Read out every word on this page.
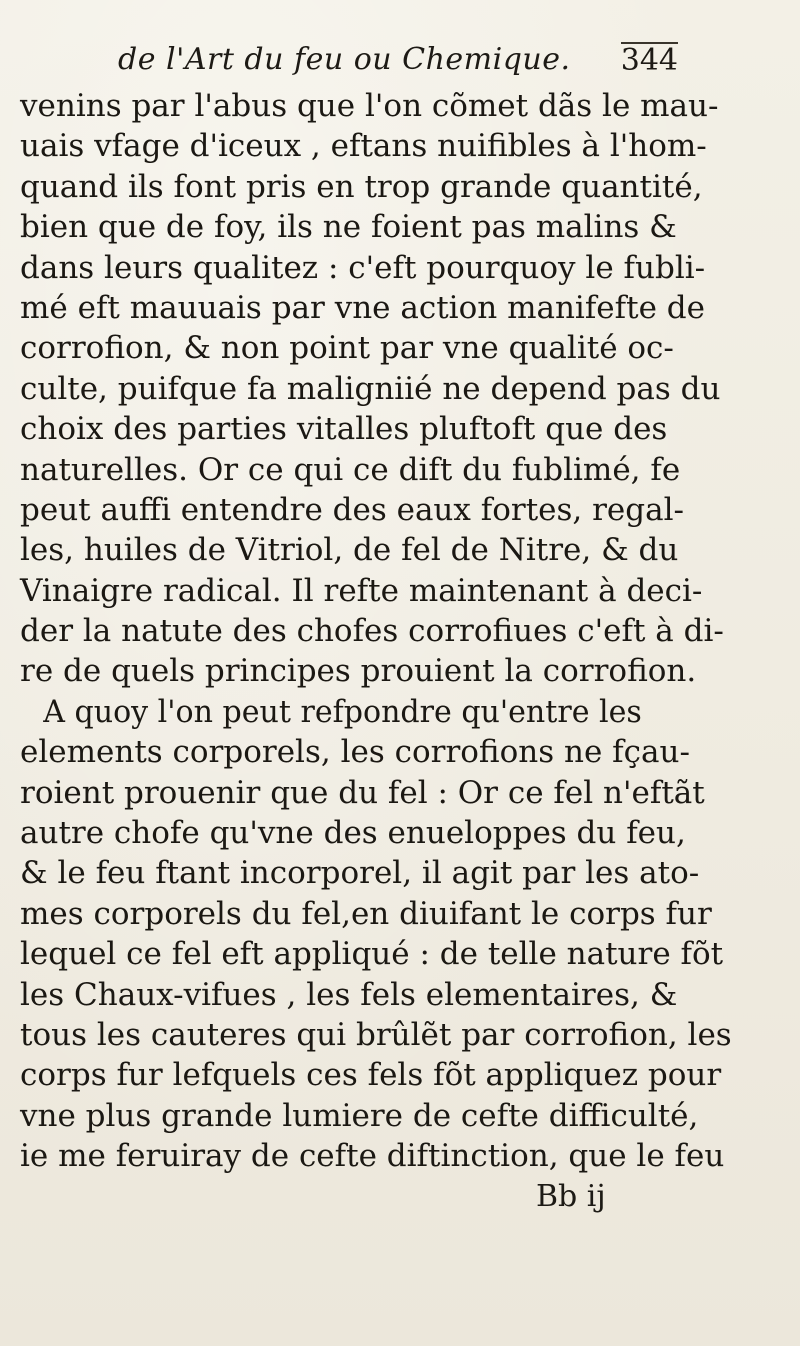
de l'Art du feu ou Chemique. 344
venins par l'abus que l'on cõmet dãs le mau-
uais vfage d'iceux , eftans nuifibles à l'hom-
quand ils font pris en trop grande quantité,
bien que de foy, ils ne foient pas malins &
dans leurs qualitez : c'eft pourquoy le fubli-
mé eft mauuais par vne action manifefte de
corrofion, & non point par vne qualité oc-
culte, puifque fa maligniié ne depend pas du
choix des parties vitalles pluftoft que des
naturelles. Or ce qui ce dift du fublimé, fe
peut auffi entendre des eaux fortes, regal-
les, huiles de Vitriol, de fel de Nitre, & du
Vinaigre radical. Il refte maintenant à deci-
der la natute des chofes corrofiues c'eft à di-
re de quels principes prouient la corrofion.
A quoy l'on peut refpondre qu'entre les
elements corporels, les corrofions ne fçau-
roient prouenir que du fel : Or ce fel n'eftãt
autre chofe qu'vne des enueloppes du feu,
& le feu ftant incorporel, il agit par les ato-
mes corporels du fel,en diuifant le corps fur
lequel ce fel eft appliqué : de telle nature fõt
les Chaux-vifues , les fels elementaires, &
tous les cauteres qui brûlẽt par corrofion, les
corps fur lefquels ces fels fõt appliquez pour
vne plus grande lumiere de cefte difficulté,
ie me feruiray de cefte diftinction, que le feu
Bb ij
